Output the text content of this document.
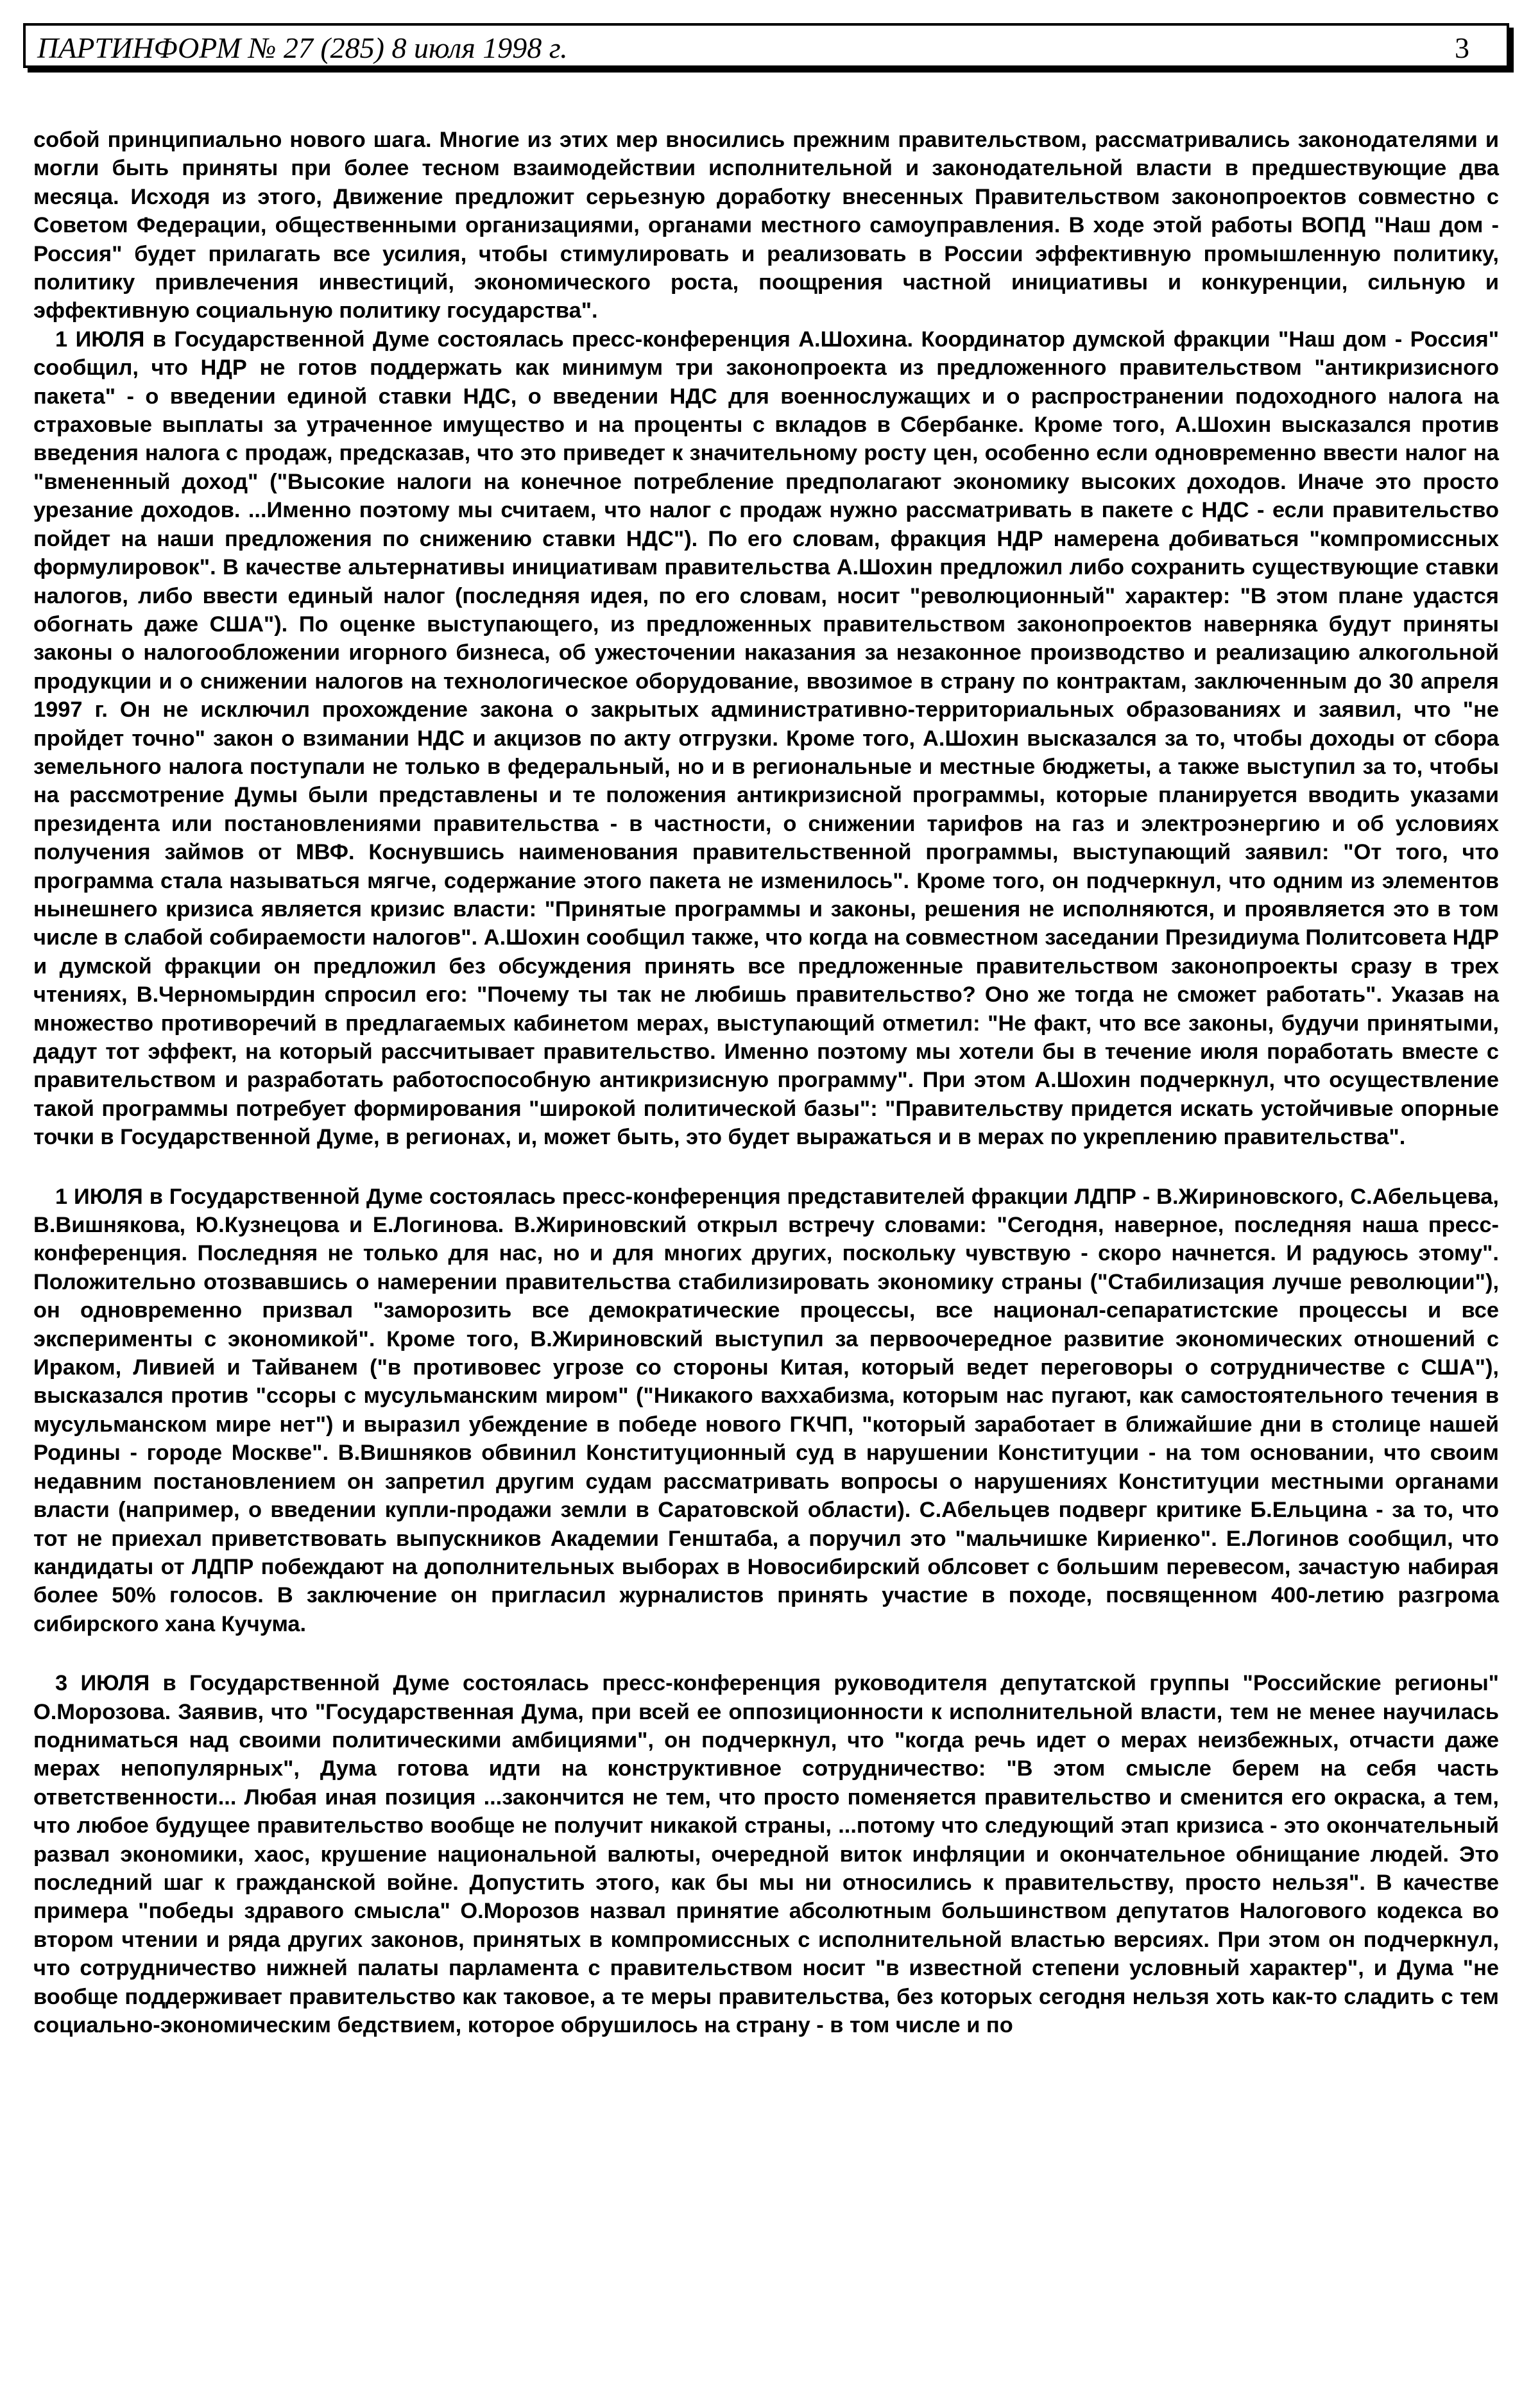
ПАРТИНФОРМ № 27 (285) 8 июля 1998 г.	3

собой принципиально нового шага. Многие из этих мер вносились прежним правительством, рассматривались законодателями и могли быть приняты при более тесном взаимодействии исполнительной и законодательной власти в предшествующие два месяца. Исходя из этого, Движение предложит серьезную доработку внесенных Правительством законопроектов совместно с Советом Федерации, общественными организациями, органами местного самоуправления. В ходе этой работы ВОПД "Наш дом - Россия" будет прилагать все усилия, чтобы стимулировать и реализовать в России эффективную промышленную политику, политику привлечения инвестиций, экономического роста, поощрения частной инициативы и конкуренции, сильную и эффективную социальную политику государства".

1 ИЮЛЯ в Государственной Думе состоялась пресс-конференция А.Шохина. Координатор думской фракции "Наш дом - Россия" сообщил, что НДР не готов поддержать как минимум три законопроекта из предложенного правительством "антикризисного пакета" - о введении единой ставки НДС, о введении НДС для военнослужащих и о распространении подоходного налога на страховые выплаты за утраченное имущество и на проценты с вкладов в Сбербанке. Кроме того, А.Шохин высказался против введения налога с продаж, предсказав, что это приведет к значительному росту цен, особенно если одновременно ввести налог на "вмененный доход" ("Высокие налоги на конечное потребление предполагают экономику высоких доходов. Иначе это просто урезание доходов. ...Именно поэтому мы считаем, что налог с продаж нужно рассматривать в пакете с НДС - если правительство пойдет на наши предложения по снижению ставки НДС"). По его словам, фракция НДР намерена добиваться "компромиссных формулировок". В качестве альтернативы инициативам правительства А.Шохин предложил либо сохранить существующие ставки налогов, либо ввести единый налог (последняя идея, по его словам, носит "революционный" характер: "В этом плане удастся обогнать даже США"). По оценке выступающего, из предложенных правительством законопроектов наверняка будут приняты законы о налогообложении игорного бизнеса, об ужесточении наказания за незаконное производство и реализацию алкогольной продукции и о снижении налогов на технологическое оборудование, ввозимое в страну по контрактам, заключенным до 30 апреля 1997 г. Он не исключил прохождение закона о закрытых административно-территориальных образованиях и заявил, что "не пройдет точно" закон о взимании НДС и акцизов по акту отгрузки. Кроме того, А.Шохин высказался за то, чтобы доходы от сбора земельного налога поступали не только в федеральный, но и в региональные и местные бюджеты, а также выступил за то, чтобы на рассмотрение Думы были представлены и те положения антикризисной программы, которые планируется вводить указами президента или постановлениями правительства - в частности, о снижении тарифов на газ и электроэнергию и об условиях получения займов от МВФ. Коснувшись наименования правительственной программы, выступающий заявил: "От того, что программа стала называться мягче, содержание этого пакета не изменилось". Кроме того, он подчеркнул, что одним из элементов нынешнего кризиса является кризис власти: "Принятые программы и законы, решения не исполняются, и проявляется это в том числе в слабой собираемости налогов". А.Шохин сообщил также, что когда на совместном заседании Президиума Политсовета НДР и думской фракции он предложил без обсуждения принять все предложенные правительством законопроекты сразу в трех чтениях, В.Черномырдин спросил его: "Почему ты так не любишь правительство? Оно же тогда не сможет работать". Указав на множество противоречий в предлагаемых кабинетом мерах, выступающий отметил: "Не факт, что все законы, будучи принятыми, дадут тот эффект, на который рассчитывает правительство. Именно поэтому мы хотели бы в течение июля поработать вместе с правительством и разработать работоспособную антикризисную программу". При этом А.Шохин подчеркнул, что осуществление такой программы потребует формирования "широкой политической базы": "Правительству придется искать устойчивые опорные точки в Государственной Думе, в регионах, и, может быть, это будет выражаться и в мерах по укреплению правительства".

1 ИЮЛЯ в Государственной Думе состоялась пресс-конференция представителей фракции ЛДПР - В.Жириновского, С.Абельцева, В.Вишнякова, Ю.Кузнецова и Е.Логинова. В.Жириновский открыл встречу словами: "Сегодня, наверное, последняя наша пресс-конференция. Последняя не только для нас, но и для многих других, поскольку чувствую - скоро начнется. И радуюсь этому". Положительно отозвавшись о намерении правительства стабилизировать экономику страны ("Стабилизация лучше революции"), он одновременно призвал "заморозить все демократические процессы, все национал-сепаратистские процессы и все эксперименты с экономикой". Кроме того, В.Жириновский выступил за первоочередное развитие экономических отношений с Ираком, Ливией и Тайванем ("в противовес угрозе со стороны Китая, который ведет переговоры о сотрудничестве с США"), высказался против "ссоры с мусульманским миром" ("Никакого ваххабизма, которым нас пугают, как самостоятельного течения в мусульманском мире нет") и выразил убеждение в победе нового ГКЧП, "который заработает в ближайшие дни в столице нашей Родины - городе Москве". В.Вишняков обвинил Конституционный суд в нарушении Конституции - на том основании, что своим недавним постановлением он запретил другим судам рассматривать вопросы о нарушениях Конституции местными органами власти (например, о введении купли-продажи земли в Саратовской области). С.Абельцев подверг критике Б.Ельцина - за то, что тот не приехал приветствовать выпускников Академии Генштаба, а поручил это "мальчишке Кириенко". Е.Логинов сообщил, что кандидаты от ЛДПР побеждают на дополнительных выборах в Новосибирский облсовет с большим перевесом, зачастую набирая более 50% голосов. В заключение он пригласил журналистов принять участие в походе, посвященном 400-летию разгрома сибирского хана Кучума.

3 ИЮЛЯ в Государственной Думе состоялась пресс-конференция руководителя депутатской группы "Российские регионы" О.Морозова. Заявив, что "Государственная Дума, при всей ее оппозиционности к исполнительной власти, тем не менее научилась подниматься над своими политическими амбициями", он подчеркнул, что "когда речь идет о мерах неизбежных, отчасти даже мерах непопулярных", Дума готова идти на конструктивное сотрудничество: "В этом смысле берем на себя часть ответственности... Любая иная позиция ...закончится не тем, что просто поменяется правительство и сменится его окраска, а тем, что любое будущее правительство вообще не получит никакой страны, ...потому что следующий этап кризиса - это окончательный развал экономики, хаос, крушение национальной валюты, очередной виток инфляции и окончательное обнищание людей. Это последний шаг к гражданской войне. Допустить этого, как бы мы ни относились к правительству, просто нельзя". В качестве примера "победы здравого смысла" О.Морозов назвал принятие абсолютным большинством депутатов Налогового кодекса во втором чтении и ряда других законов, принятых в компромиссных с исполнительной властью версиях. При этом он подчеркнул, что сотрудничество нижней палаты парламента с правительством носит "в известной степени условный характер", и Дума "не вообще поддерживает правительство как таковое, а те меры правительства, без которых сегодня нельзя хоть как-то сладить с тем социально-экономическим бедствием, которое обрушилось на страну - в том числе и по
